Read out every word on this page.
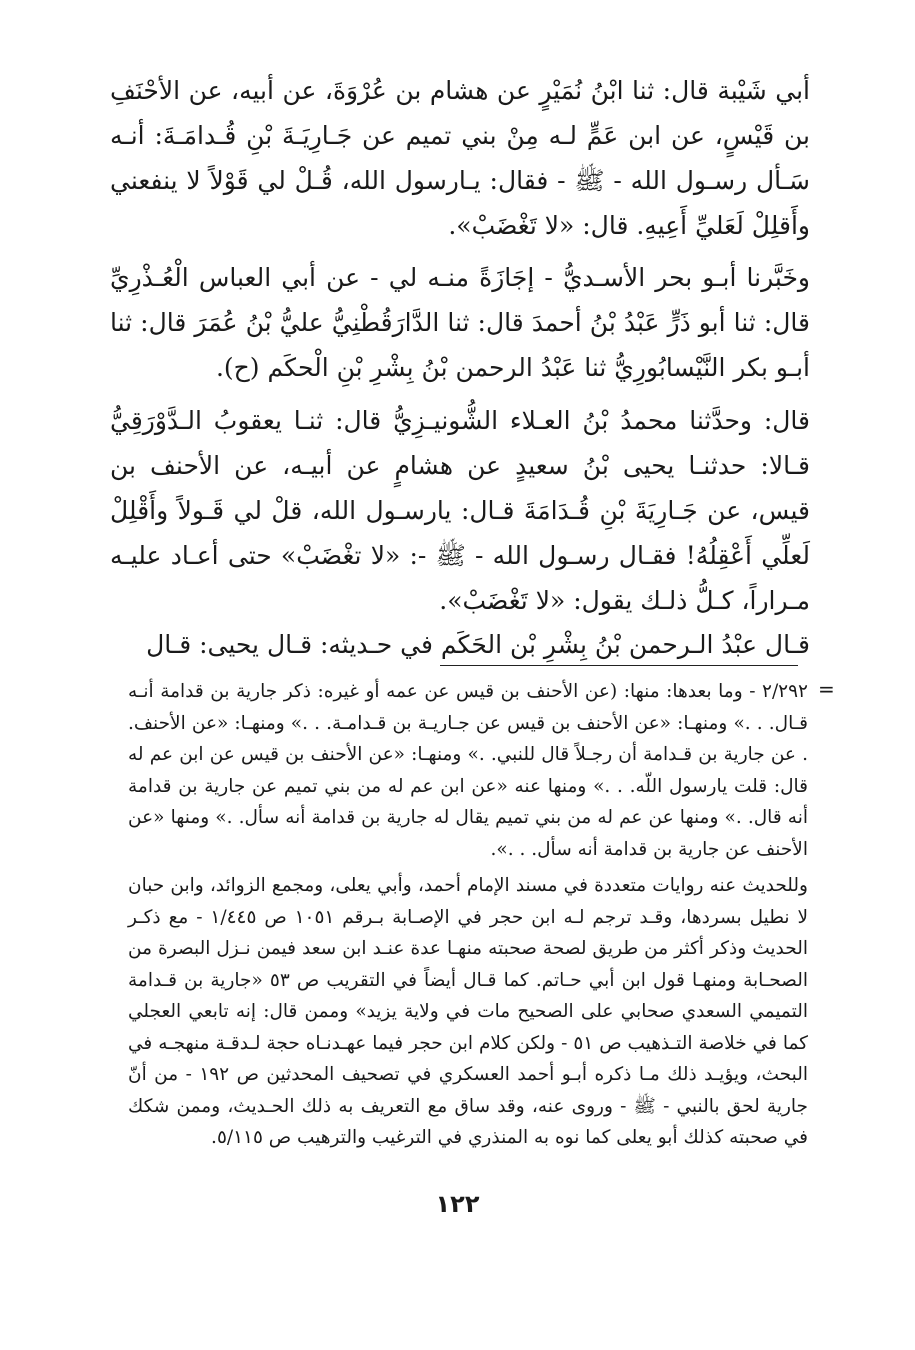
أبي شَيْبة قال: ثنا ابْنُ نُمَيْرٍ عن هشام بن عُرْوَةَ، عن أبيه، عن الأحْنَفِ بن قَيْسٍ، عن ابن عَمٍّ لـه مِنْ بني تميم عن جَـارِيَـةَ بْنِ قُـدامَـةَ: أنـه سَـأل رسـول الله - ﷺ - فقال: يـارسول الله، قُـلْ لي قَوْلاً لا ينفعني وأَقلِلْ لَعَليِّ أَعِيهِ. قال: «لا تَغْضَبْ».

وخَبَّرنا أبـو بحر الأسـديُّ - إجَازَةً منـه لي - عن أبي العباس الْعُـذْرِيِّ قال: ثنا أبو ذَرٍّ عَبْدُ بْنُ أحمدَ قال: ثنا الدَّارَقُطْنِيُّ عليُّ بْنُ عُمَرَ قال: ثنا أبـو بكر النَّيْسابُورِيُّ ثنا عَبْدُ الرحمن بْنُ بِشْرِ بْنِ الْحكَم (ح).

قال: وحدَّثنا محمدُ بْنُ العـلاء الشُّونيـزِيُّ قال: ثنـا يعقوبُ الـدَّوْرَقِيُّ قـالا: حدثنـا يحيى بْنُ سعيدٍ عن هشامٍ عن أبيـه، عن الأحنف بن قيس، عن جَـارِيَةَ بْنِ قُـدَامَةَ قـال: يارسـول الله، قلْ لي قَـولاً وأَقْلِلْ لَعلِّي أَعْقِلُهُ! فقـال رسـول الله - ﷺ -: «لا تغْضَبْ» حتى أعـاد عليـه مـراراً، كـلُّ ذلـك يقول: «لا تَغْضَبْ».

قـال عبْدُ الـرحمن بْنُ بِشْرِ بْن الحَكَم في حـديثه: قـال يحيى: قـال

=

٢/٢٩٢ - وما بعدها: منها: (عن الأحنف بن قيس عن عمه أو غيره: ذكر جارية بن قدامة أنـه قـال. . .» ومنهـا: «عن الأحنف بن قيس عن جـاريـة بن قـدامـة. . .» ومنهـا: «عن الأحنف. . عن جارية بن قـدامة أن رجـلاً قال للنبي. .» ومنهـا: «عن الأحنف بن قيس عن ابن عم له قال: قلت يارسول اللّه. . .» ومنها عنه «عن ابن عم له من بني تميم عن جارية بن قدامة أنه قال. .» ومنها عن عم له من بني تميم يقال له جارية بن قدامة أنه سأل. .» ومنها «عن الأحنف عن جارية بن قدامة أنه سأل. . .».

وللحديث عنه روايات متعددة في مسند الإمام أحمد، وأبي يعلى، ومجمع الزوائد، وابن حبان لا نطيل بسردها، وقـد ترجم لـه ابن حجر في الإصـابة بـرقم ١٠٥١ ص ١/٤٤٥ - مع ذكـر الحديث وذكر أكثر من طريق لصحة صحبته منهـا عدة عنـد ابن سعد فيمن نـزل البصرة من الصحـابة ومنهـا قول ابن أبي حـاتم. كما قـال أيضاً في التقريب ص ٥٣ «جارية بن قـدامة التميمي السعدي صحابي على الصحيح مات في ولاية يزيد» وممن قال: إنه تابعي العجلي كما في خلاصة التـذهيب ص ٥١ - ولكن كلام ابن حجر فيما عهـدنـاه حجة لـدقـة منهجـه في البحث، ويؤيـد ذلك مـا ذكره أبـو أحمد العسكري في تصحيف المحدثين ص ١٩٢ - من أنّ جارية لحق بالنبي - ﷺ - وروى عنه، وقد ساق مع التعريف به ذلك الحـديث، وممن شكك في صحبته كذلك أبو يعلى كما نوه به المنذري في الترغيب والترهيب ص ٥/١١٥.

١٢٢
